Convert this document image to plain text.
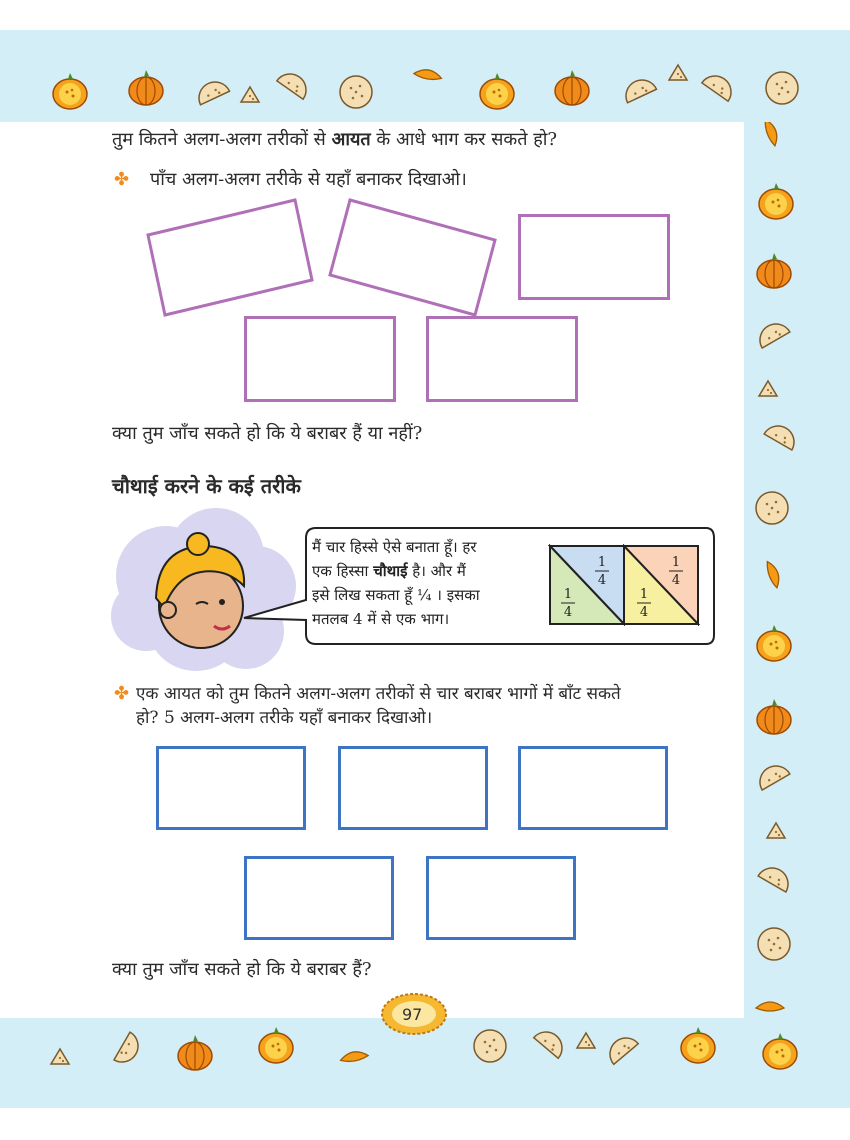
तुम कितने अलग-अलग तरीकों से आयत के आधे भाग कर सकते हो?
✤ पाँच अलग-अलग तरीके से यहाँ बनाकर दिखाओ।
क्या तुम जाँच सकते हो कि ये बराबर हैं या नहीं?
चौथाई करने के कई तरीके
मैं चार हिस्से ऐसे बनाता हूँ। हर
एक हिस्सा चौथाई है। और मैं
इसे लिख सकता हूँ ¼ । इसका
मतलब 4 में से एक भाग।
1
4
1
4
1
4
1
4
✤ एक आयत को तुम कितने अलग-अलग तरीकों से चार बराबर भागों में बाँट सकते
हो? 5 अलग-अलग तरीके यहाँ बनाकर दिखाओ।
क्या तुम जाँच सकते हो कि ये बराबर हैं?
97
